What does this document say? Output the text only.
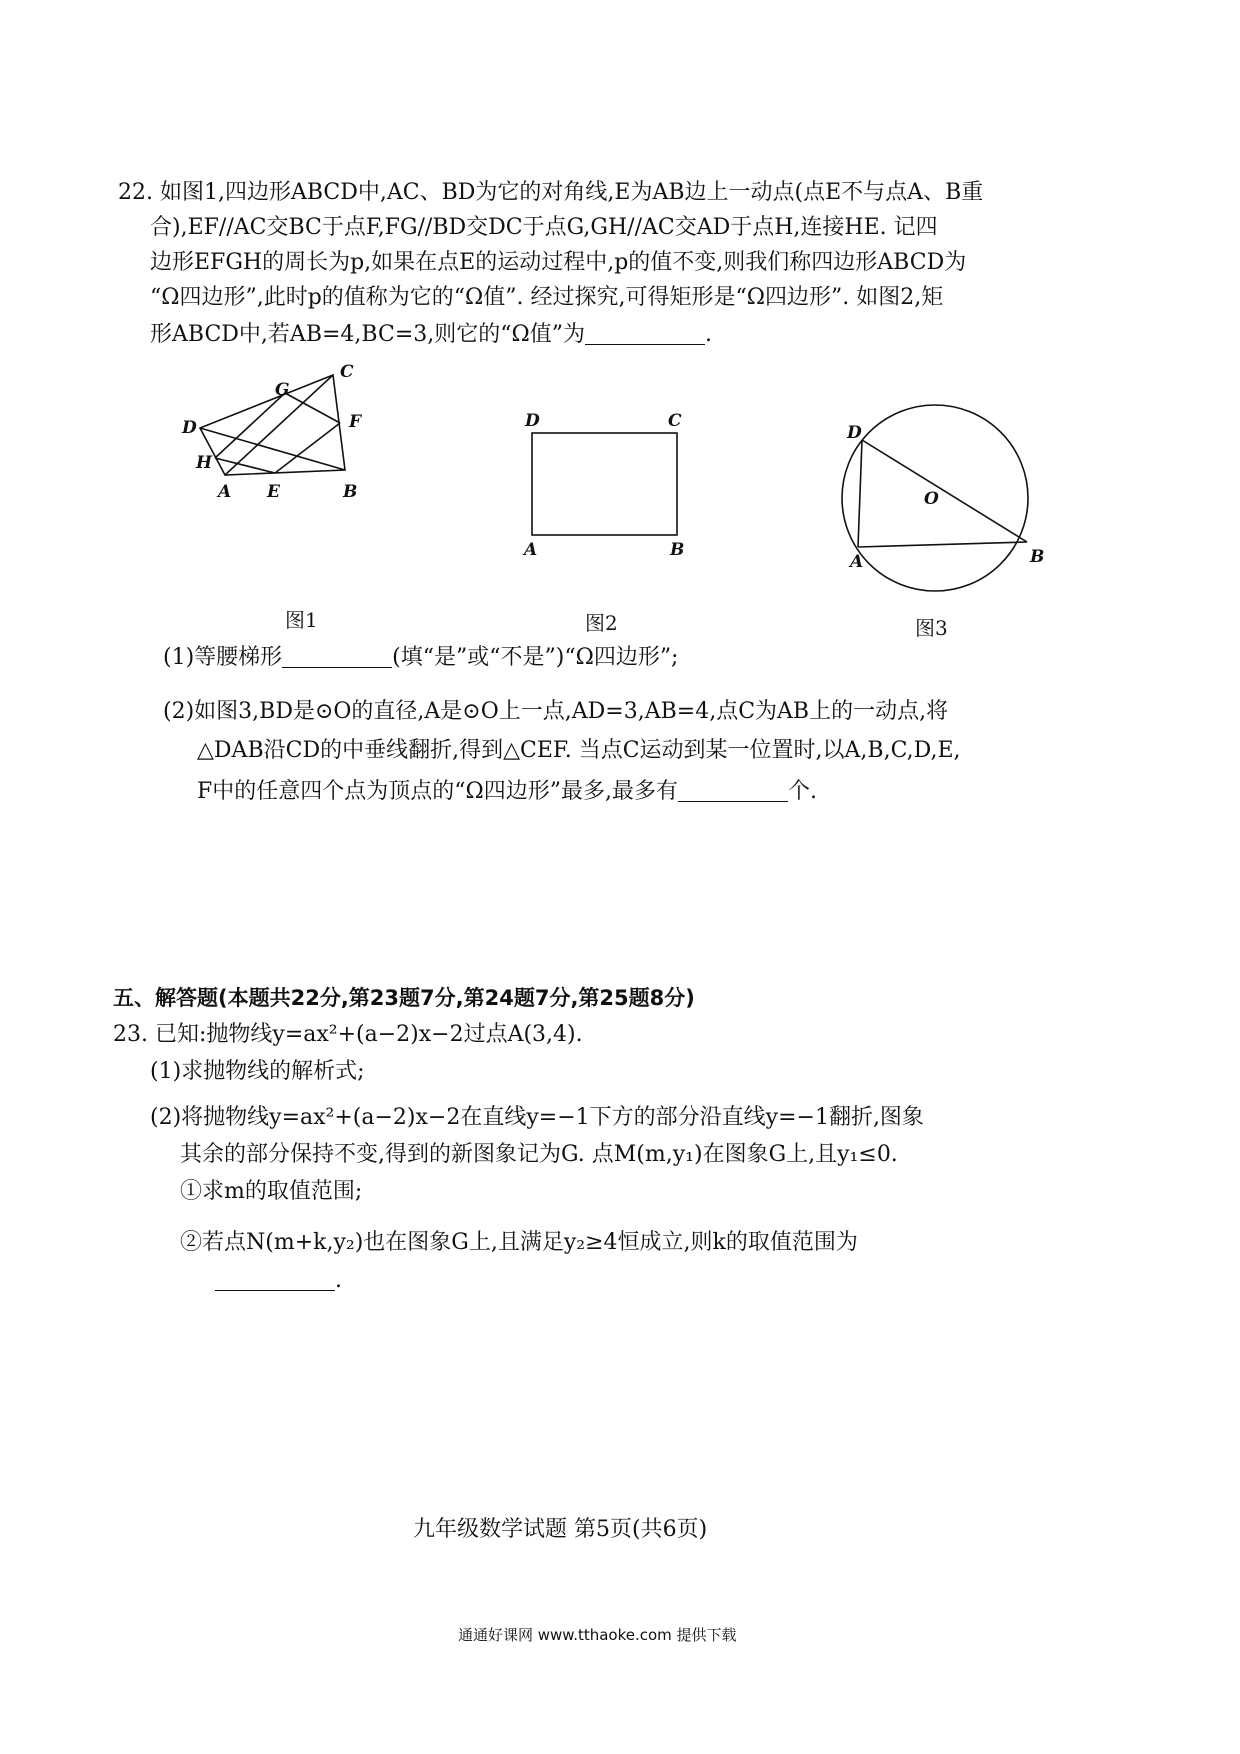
22. 如图1,四边形ABCD中,AC、BD为它的对角线,E为AB边上一动点(点E不与点A、B重
合),EF//AC交BC于点F,FG//BD交DC于点G,GH//AC交AD于点H,连接HE. 记四
边形EFGH的周长为p,如果在点E的运动过程中,p的值不变,则我们称四边形ABCD为
“Ω四边形”,此时p的值称为它的“Ω值”. 经过探究,可得矩形是“Ω四边形”. 如图2,矩
形ABCD中,若AB=4,BC=3,则它的“Ω值”为	.
D
H
A E	B
F
G
C
D	C
A	B
D
O
A	B
图1	图2	图3
(1)等腰梯形	(填“是”或“不是”)“Ω四边形”;
(2)如图3,BD是⊙O的直径,A是⊙O上一点,AD=3,AB=4,点C为AB上的一动点,将
△DAB沿CD的中垂线翻折,得到△CEF. 当点C运动到某一位置时,以A,B,C,D,E,
F中的任意四个点为顶点的“Ω四边形”最多,最多有	个.
五、解答题(本题共22分,第23题7分,第24题7分,第25题8分)
23. 已知:抛物线y=ax²+(a−2)x−2过点A(3,4).
(1)求抛物线的解析式;
(2)将抛物线y=ax²+(a−2)x−2在直线y=−1下方的部分沿直线y=−1翻折,图象
其余的部分保持不变,得到的新图象记为G. 点M(m,y₁)在图象G上,且y₁≤0.
①求m的取值范围;
②若点N(m+k,y₂)也在图象G上,且满足y₂≥4恒成立,则k的取值范围为
.
九年级数学试题 第5页(共6页)
通通好课网 www.tthaoke.com 提供下载
